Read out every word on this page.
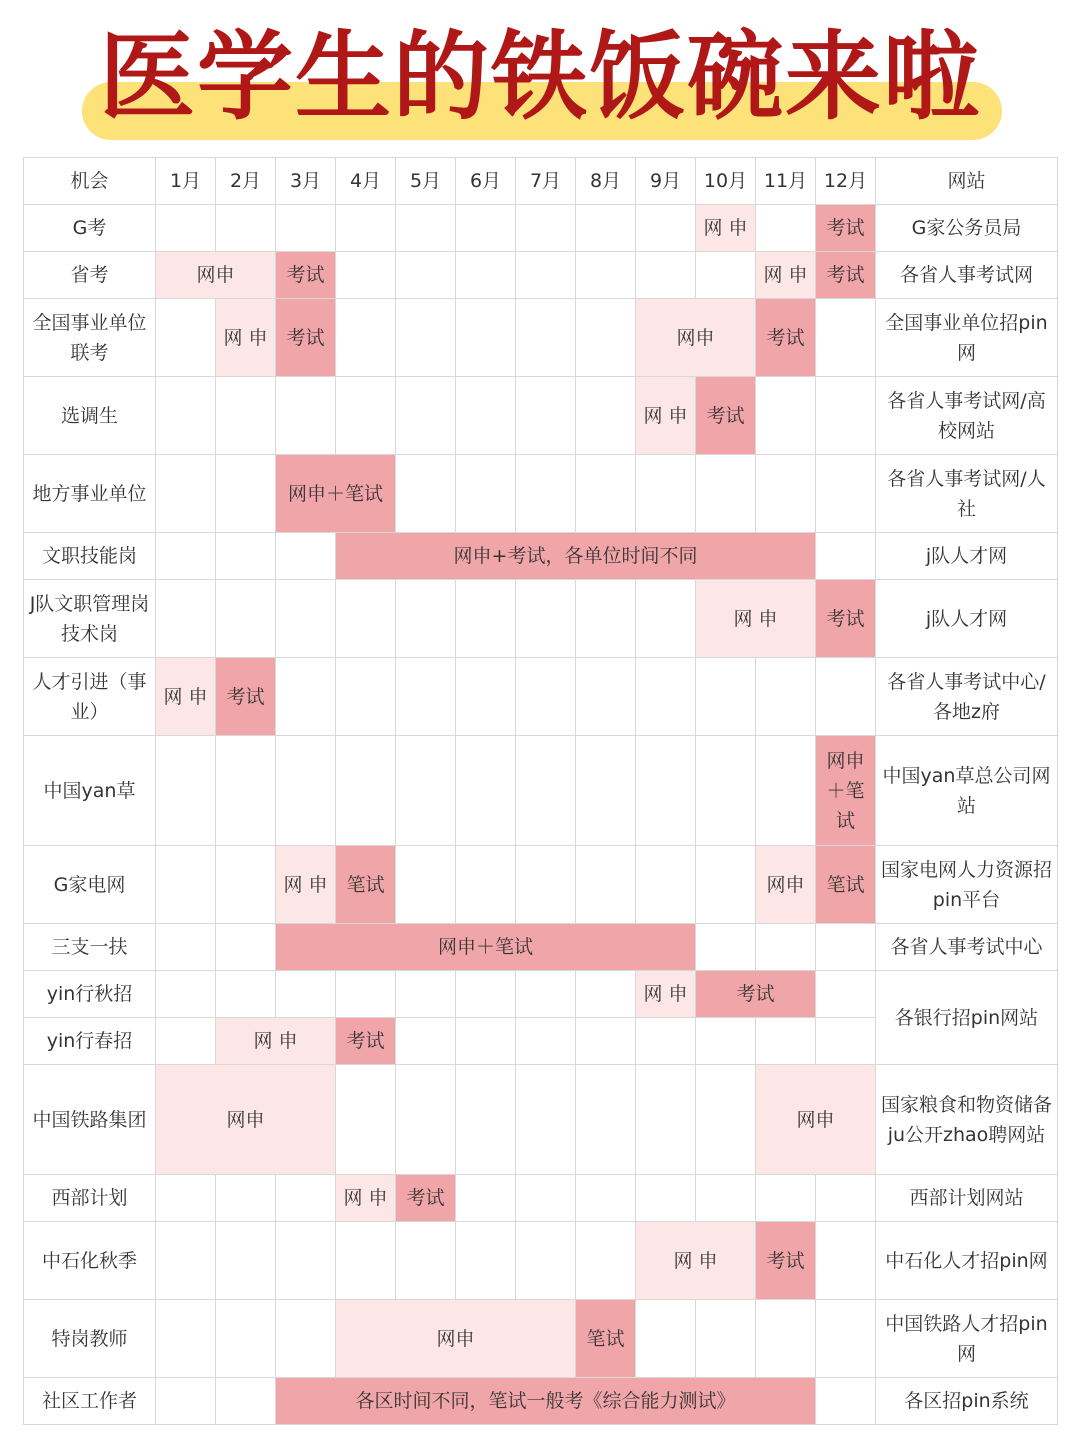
医学生的铁饭碗来啦
机会	1月	2月	3月	4月	5月	6月	7月	8月	9月	10月	11月	12月	网站
G考										网 申		考试	G家公务员局
省考	网申		考试								网 申	考试	各省人事考试网
全国事业单位联考		网 申	考试						网申		考试		全国事业单位招pin网
选调生									网 申	考试			各省人事考试网/高校网站
地方事业单位			网申＋笔试										各省人事考试网/人社
文职技能岗				网申+考试，各单位时间不同									j队人才网
J队文职管理岗技术岗										网 申		考试	j队人才网
人才引进（事业）	网 申	考试											各省人事考试中心/各地z府
中国yan草												网申＋笔试	中国yan草总公司网站
G家电网			网 申	笔试							网申	笔试	国家电网人力资源招pin平台
三支一扶			网申＋笔试										各省人事考试中心
yin行秋招									网 申	考试			各银行招pin网站
yin行春招		网 申		考试									
中国铁路集团	网申										网申		国家粮食和物资储备ju公开zhao聘网站
西部计划				网 申	考试								西部计划网站
中石化秋季									网 申		考试		中石化人才招pin网
特岗教师				网申				笔试					中国铁路人才招pin网
社区工作者			各区时间不同，笔试一般考《综合能力测试》										各区招pin系统
